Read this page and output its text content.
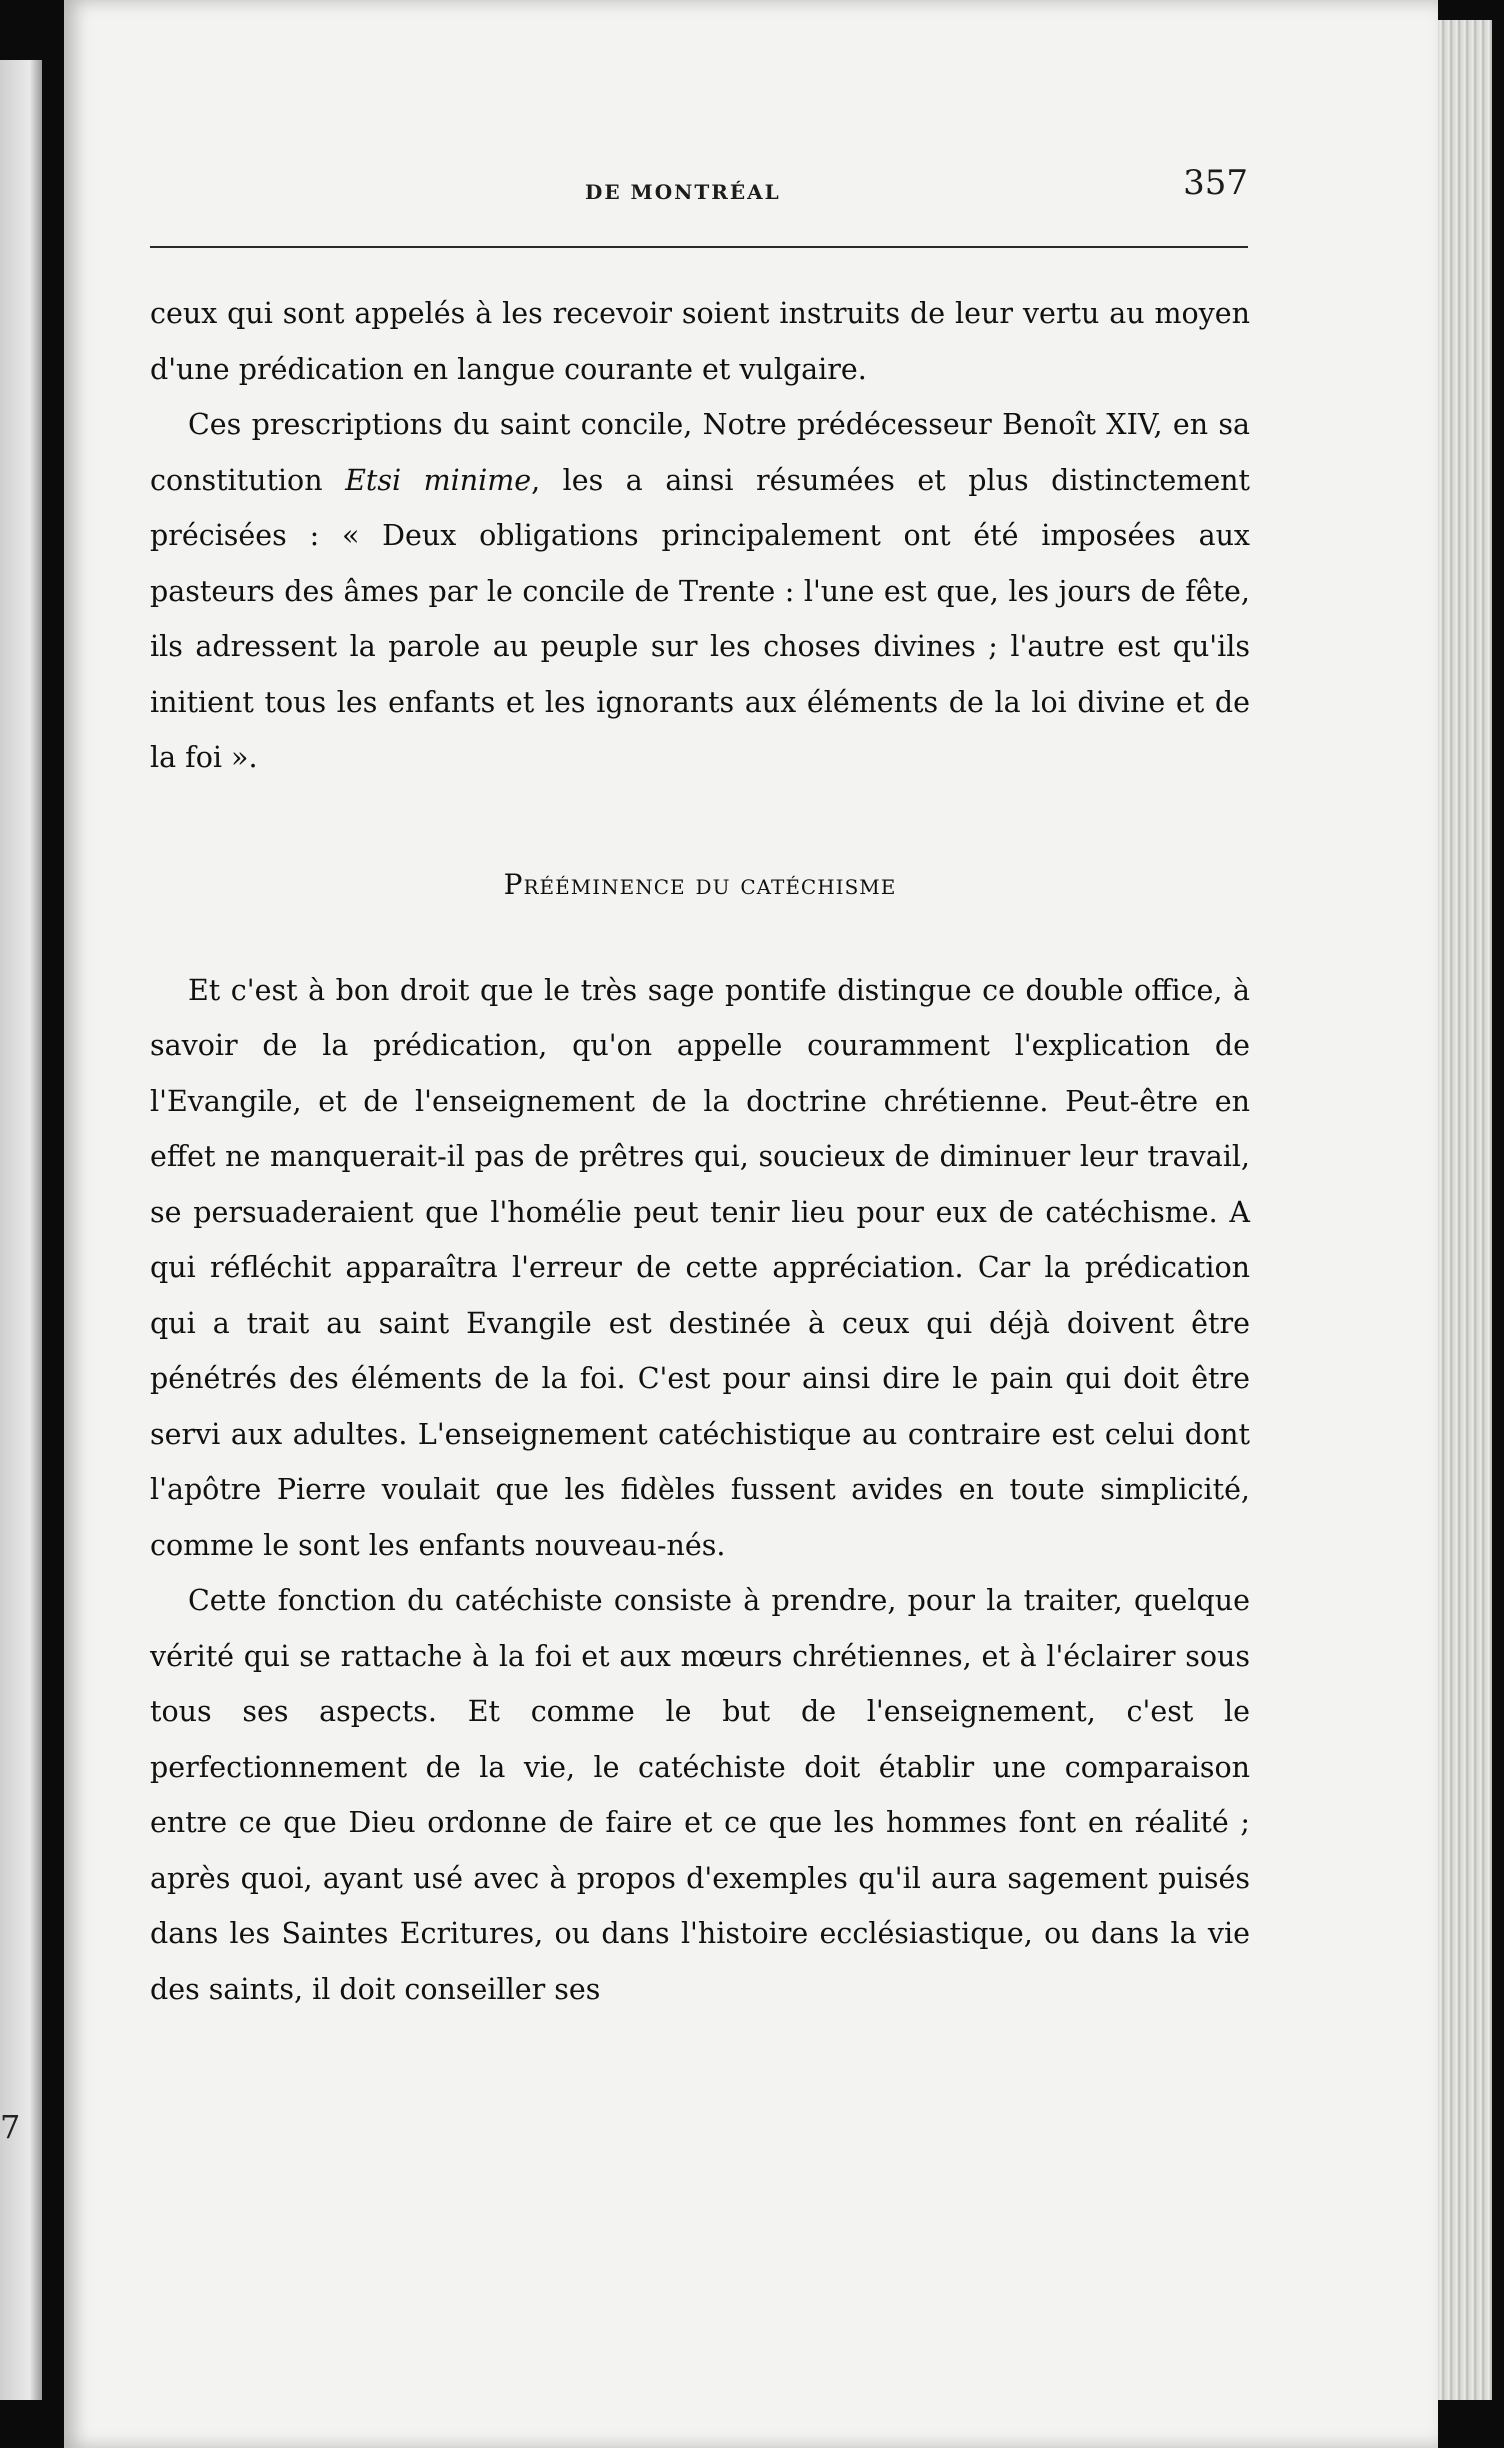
7
DE MONTRÉAL	357

ceux qui sont appelés à les recevoir soient instruits de leur vertu au moyen d'une prédication en langue courante et vulgaire.

Ces prescriptions du saint concile, Notre prédécesseur Benoît XIV, en sa constitution Etsi minime, les a ainsi résumées et plus distinctement précisées : « Deux obligations principalement ont été imposées aux pasteurs des âmes par le concile de Trente : l'une est que, les jours de fête, ils adressent la parole au peuple sur les choses divines ; l'autre est qu'ils initient tous les enfants et les ignorants aux éléments de la loi divine et de la foi ».

Prééminence du catéchisme

Et c'est à bon droit que le très sage pontife distingue ce double office, à savoir de la prédication, qu'on appelle couramment l'explication de l'Evangile, et de l'enseignement de la doctrine chrétienne. Peut-être en effet ne manquerait-il pas de prêtres qui, soucieux de diminuer leur travail, se persuaderaient que l'homélie peut tenir lieu pour eux de catéchisme. A qui réfléchit apparaîtra l'erreur de cette appréciation. Car la prédication qui a trait au saint Evangile est destinée à ceux qui déjà doivent être pénétrés des éléments de la foi. C'est pour ainsi dire le pain qui doit être servi aux adultes. L'enseignement catéchistique au contraire est celui dont l'apôtre Pierre voulait que les fidèles fussent avides en toute simplicité, comme le sont les enfants nouveau-nés.

Cette fonction du catéchiste consiste à prendre, pour la traiter, quelque vérité qui se rattache à la foi et aux mœurs chrétiennes, et à l'éclairer sous tous ses aspects. Et comme le but de l'enseignement, c'est le perfectionnement de la vie, le catéchiste doit établir une comparaison entre ce que Dieu ordonne de faire et ce que les hommes font en réalité ; après quoi, ayant usé avec à propos d'exemples qu'il aura sagement puisés dans les Saintes Ecritures, ou dans l'histoire ecclésiastique, ou dans la vie des saints, il doit conseiller ses
